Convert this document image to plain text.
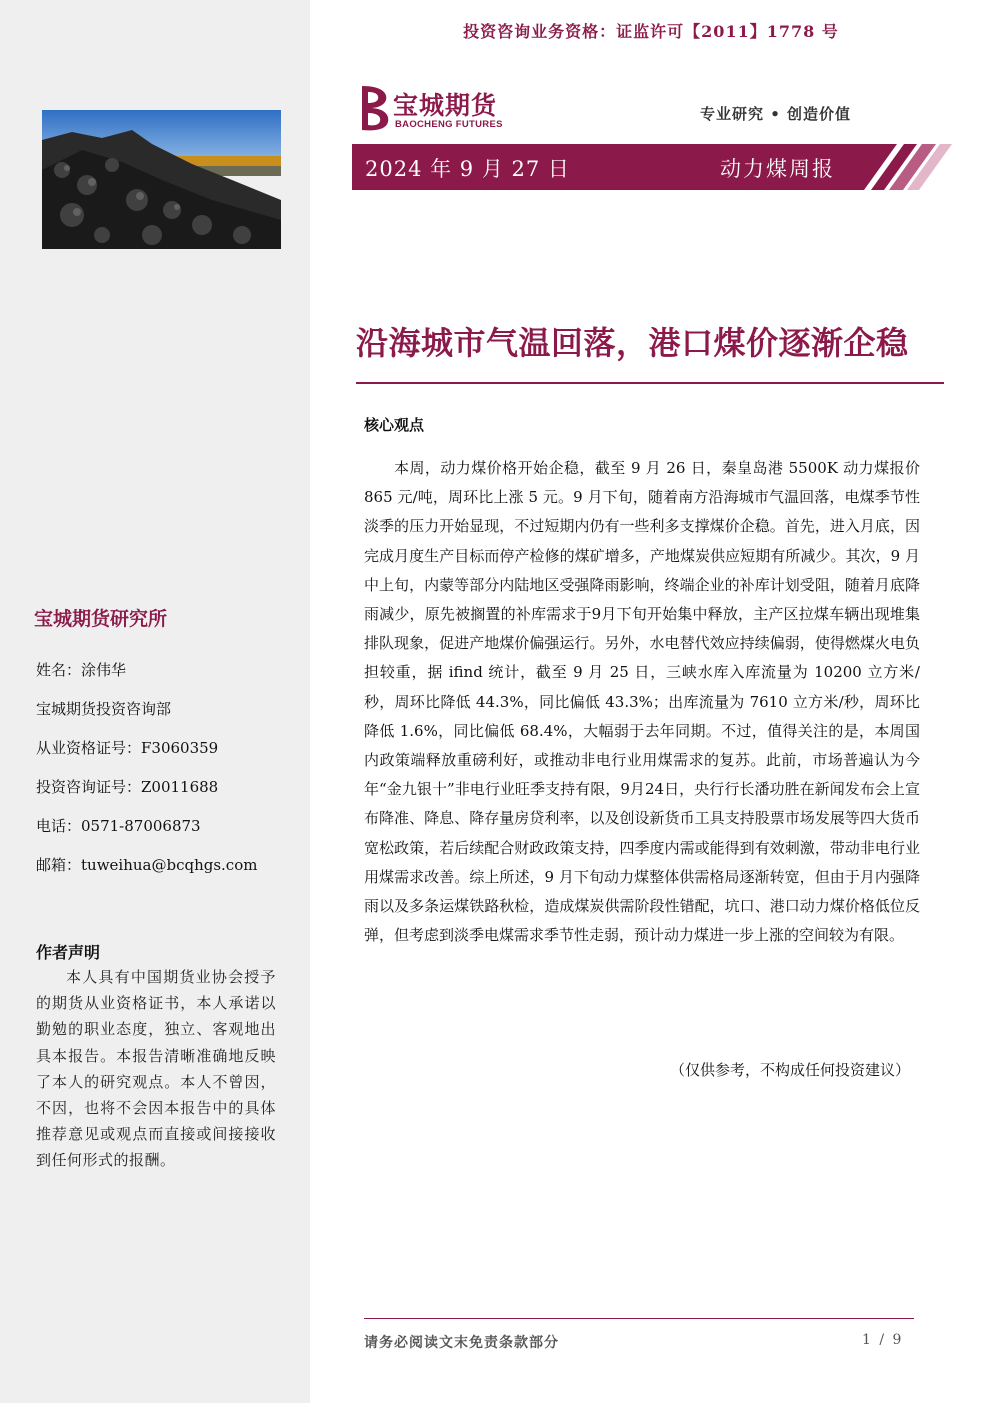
投资咨询业务资格：证监许可【2011】1778 号
宝城期货
BAOCHENG FUTURES
专业研究 • 创造价值
2024 年 9 月 27 日	动力煤周报
沿海城市气温回落，港口煤价逐渐企稳
核心观点
本周，动力煤价格开始企稳，截至 9 月 26 日，秦皇岛港 5500K 动力煤报价 865 元/吨，周环比上涨 5 元。9 月下旬，随着南方沿海城市气温回落，电煤季节性淡季的压力开始显现，不过短期内仍有一些利多支撑煤价企稳。首先，进入月底，因完成月度生产目标而停产检修的煤矿增多，产地煤炭供应短期有所减少。其次，9 月中上旬，内蒙等部分内陆地区受强降雨影响，终端企业的补库计划受阻，随着月底降雨减少，原先被搁置的补库需求于9月下旬开始集中释放，主产区拉煤车辆出现堆集排队现象，促进产地煤价偏强运行。另外，水电替代效应持续偏弱，使得燃煤火电负担较重，据 ifind 统计，截至 9 月 25 日，三峡水库入库流量为 10200 立方米/秒，周环比降低 44.3%，同比偏低 43.3%；出库流量为 7610 立方米/秒，周环比降低 1.6%，同比偏低 68.4%，大幅弱于去年同期。不过，值得关注的是，本周国内政策端释放重磅利好，或推动非电行业用煤需求的复苏。此前，市场普遍认为今年“金九银十”非电行业旺季支持有限，9月24日，央行行长潘功胜在新闻发布会上宣布降准、降息、降存量房贷利率，以及创设新货币工具支持股票市场发展等四大货币宽松政策，若后续配合财政政策支持，四季度内需或能得到有效刺激，带动非电行业用煤需求改善。综上所述，9 月下旬动力煤整体供需格局逐渐转宽，但由于月内强降雨以及多条运煤铁路秋检，造成煤炭供需阶段性错配，坑口、港口动力煤价格低位反弹，但考虑到淡季电煤需求季节性走弱，预计动力煤进一步上涨的空间较为有限。
（仅供参考，不构成任何投资建议）
宝城期货研究所
姓名：涂伟华
宝城期货投资咨询部
从业资格证号：F3060359
投资咨询证号：Z0011688
电话：0571-87006873
邮箱：tuweihua@bcqhgs.com
作者声明
本人具有中国期货业协会授予的期货从业资格证书，本人承诺以勤勉的职业态度，独立、客观地出具本报告。本报告清晰准确地反映了本人的研究观点。本人不曾因，不因，也将不会因本报告中的具体推荐意见或观点而直接或间接接收到任何形式的报酬。
请务必阅读文末免责条款部分	1 / 9
